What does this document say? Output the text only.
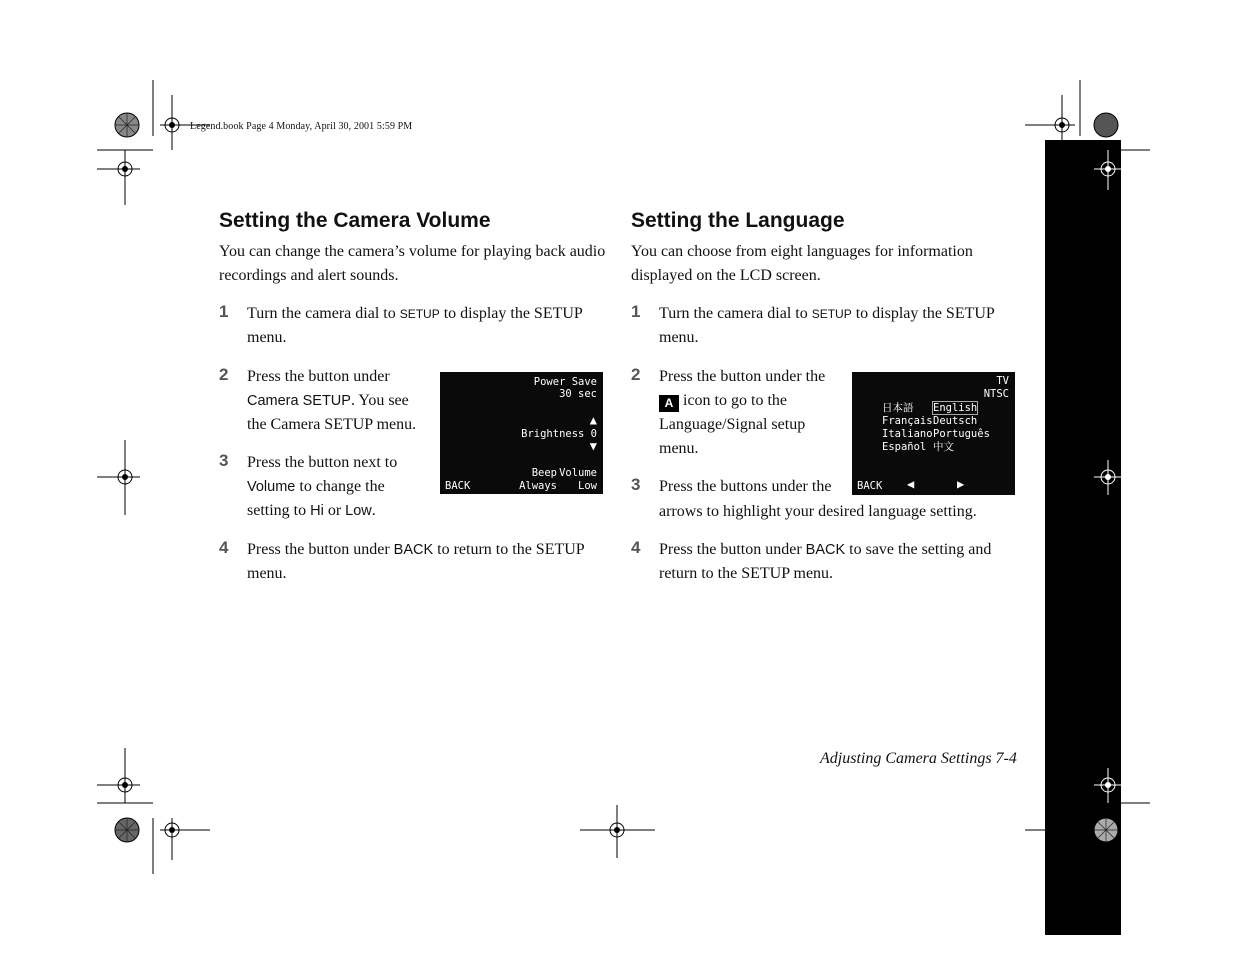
Legend.book Page 4 Monday, April 30, 2001 5:59 PM
Setting the Camera Volume
You can change the camera’s volume for playing back audio
recordings and alert sounds.
1 Turn the camera dial to SETUP to display the SETUP
menu.
2 Press the button under
Camera SETUP. You see
the Camera SETUP menu.
3 Press the button next to
Volume to change the
setting to Hi or Low.
4 Press the button under BACK to return to the SETUP
menu.
Power Save
30 sec
▲
Brightness 0
▼
Beep Volume
BACK	Always Low
Setting the Language
You can choose from eight languages for information
displayed on the LCD screen.
1 Turn the camera dial to SETUP to display the SETUP
menu.
2 Press the button under the
A icon to go to the
Language/Signal setup
menu.
3 Press the buttons under the
arrows to highlight your desired language setting.
4 Press the button under BACK to save the setting and
return to the SETUP menu.
TV
NTSC
日本語 English
Français Deutsch
Italiano Português
Español 中文
BACK ◀	▶
Adjusting Camera Settings 7-4
